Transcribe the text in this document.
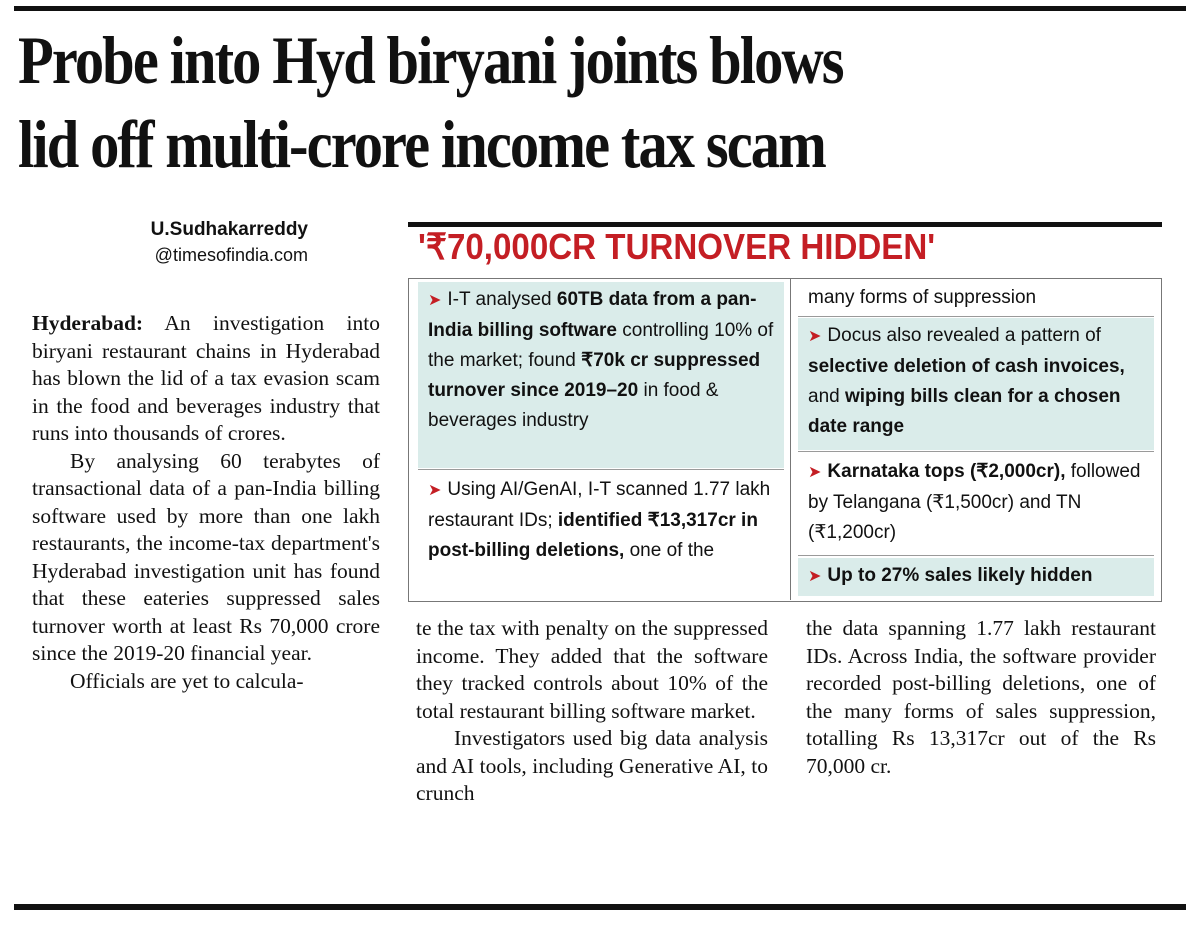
Probe into Hyd biryani joints blows
lid off multi-crore income tax scam
U.Sudhakarreddy
@timesofindia.com

Hyderabad: An investigation into biryani restaurant chains in Hyderabad has blown the lid of a tax evasion scam in the food and beverages industry that runs into thousands of crores.

By analysing 60 terabytes of transactional data of a pan-India billing software used by more than one lakh restaurants, the income-tax department's Hyderabad investigation unit has found that these eateries suppressed sales turnover worth at least Rs 70,000 crore since the 2019-20 financial year.

Officials are yet to calcula-

te the tax with penalty on the suppressed income. They added that the software they tracked controls about 10% of the total restaurant billing software market.

Investigators used big data analysis and AI tools, including Generative AI, to crunch

the data spanning 1.77 lakh restaurant IDs. Across India, the software provider recorded post-billing deletions, one of the many forms of sales suppression, totalling Rs 13,317cr out of the Rs 70,000 cr.

'₹70,000CR TURNOVER HIDDEN'
➤ I-T analysed 60TB data from a pan-India billing software controlling 10% of the market; found ₹70k cr suppressed turnover since 2019–20 in food & beverages industry
➤ Using AI/GenAI, I-T scanned 1.77 lakh restaurant IDs; identified ₹13,317cr in post-billing deletions, one of the
many forms of suppression
➤ Docus also revealed a pattern of selective deletion of cash invoices, and wiping bills clean for a chosen date range
➤ Karnataka tops (₹2,000cr), followed by Telangana (₹1,500cr) and TN (₹1,200cr)
➤ Up to 27% sales likely hidden
